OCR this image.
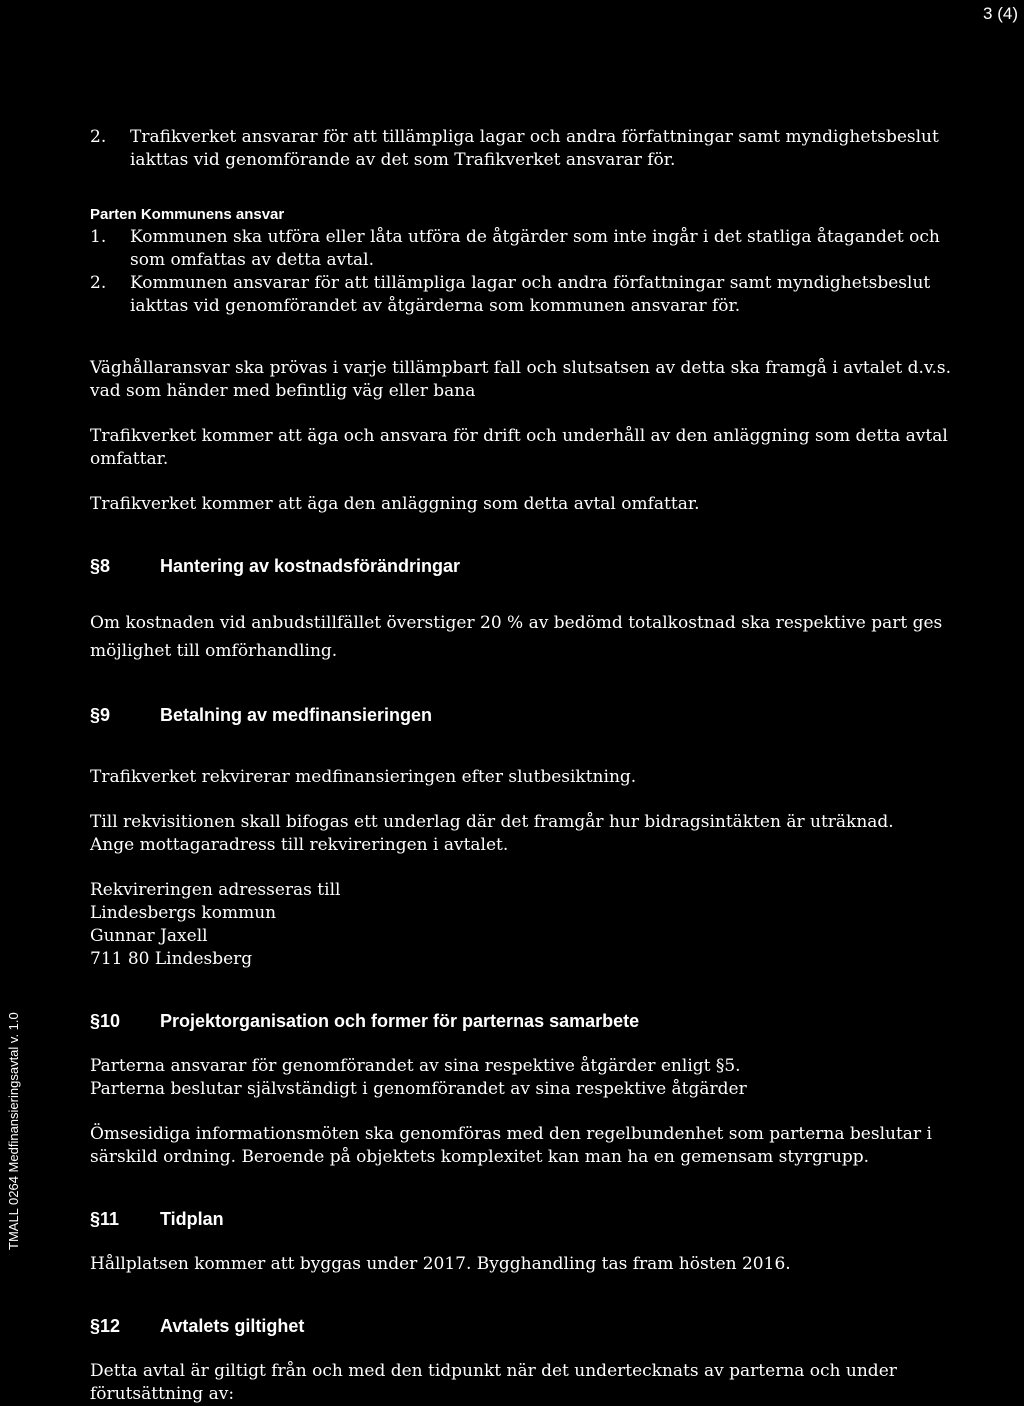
3 (4)
TMALL 0264 Medfinansieringsavtal v. 1.0
2. Trafikverket ansvarar för att tillämpliga lagar och andra författningar samt myndighetsbeslut iakttas vid genomförande av det som Trafikverket ansvarar för.

Parten Kommunens ansvar

1. Kommunen ska utföra eller låta utföra de åtgärder som inte ingår i det statliga åtagandet och som omfattas av detta avtal.
2. Kommunen ansvarar för att tillämpliga lagar och andra författningar samt myndighetsbeslut iakttas vid genomförandet av åtgärderna som kommunen ansvarar för.

Väghållaransvar ska prövas i varje tillämpbart fall och slutsatsen av detta ska framgå i avtalet d.v.s. vad som händer med befintlig väg eller bana

Trafikverket kommer att äga och ansvara för drift och underhåll av den anläggning som detta avtal omfattar.

Trafikverket kommer att äga den anläggning som detta avtal omfattar.

§8	Hantering av kostnadsförändringar

Om kostnaden vid anbudstillfället överstiger 20 % av bedömd totalkostnad ska respektive part ges möjlighet till omförhandling.

§9	Betalning av medfinansieringen

Trafikverket rekvirerar medfinansieringen efter slutbesiktning.

Till rekvisitionen skall bifogas ett underlag där det framgår hur bidragsintäkten är uträknad.

Ange mottagaradress till rekvireringen i avtalet.

Rekvireringen adresseras till

Lindesbergs kommun

Gunnar Jaxell

711 80 Lindesberg

§10	Projektorganisation och former för parternas samarbete

Parterna ansvarar för genomförandet av sina respektive åtgärder enligt §5.

Parterna beslutar självständigt i genomförandet av sina respektive åtgärder

Ömsesidiga informationsmöten ska genomföras med den regelbundenhet som parterna beslutar i särskild ordning. Beroende på objektets komplexitet kan man ha en gemensam styrgrupp.

§11	Tidplan

Hållplatsen kommer att byggas under 2017. Bygghandling tas fram hösten 2016.

§12	Avtalets giltighet

Detta avtal är giltigt från och med den tidpunkt när det undertecknats av parterna och under förutsättning av:
